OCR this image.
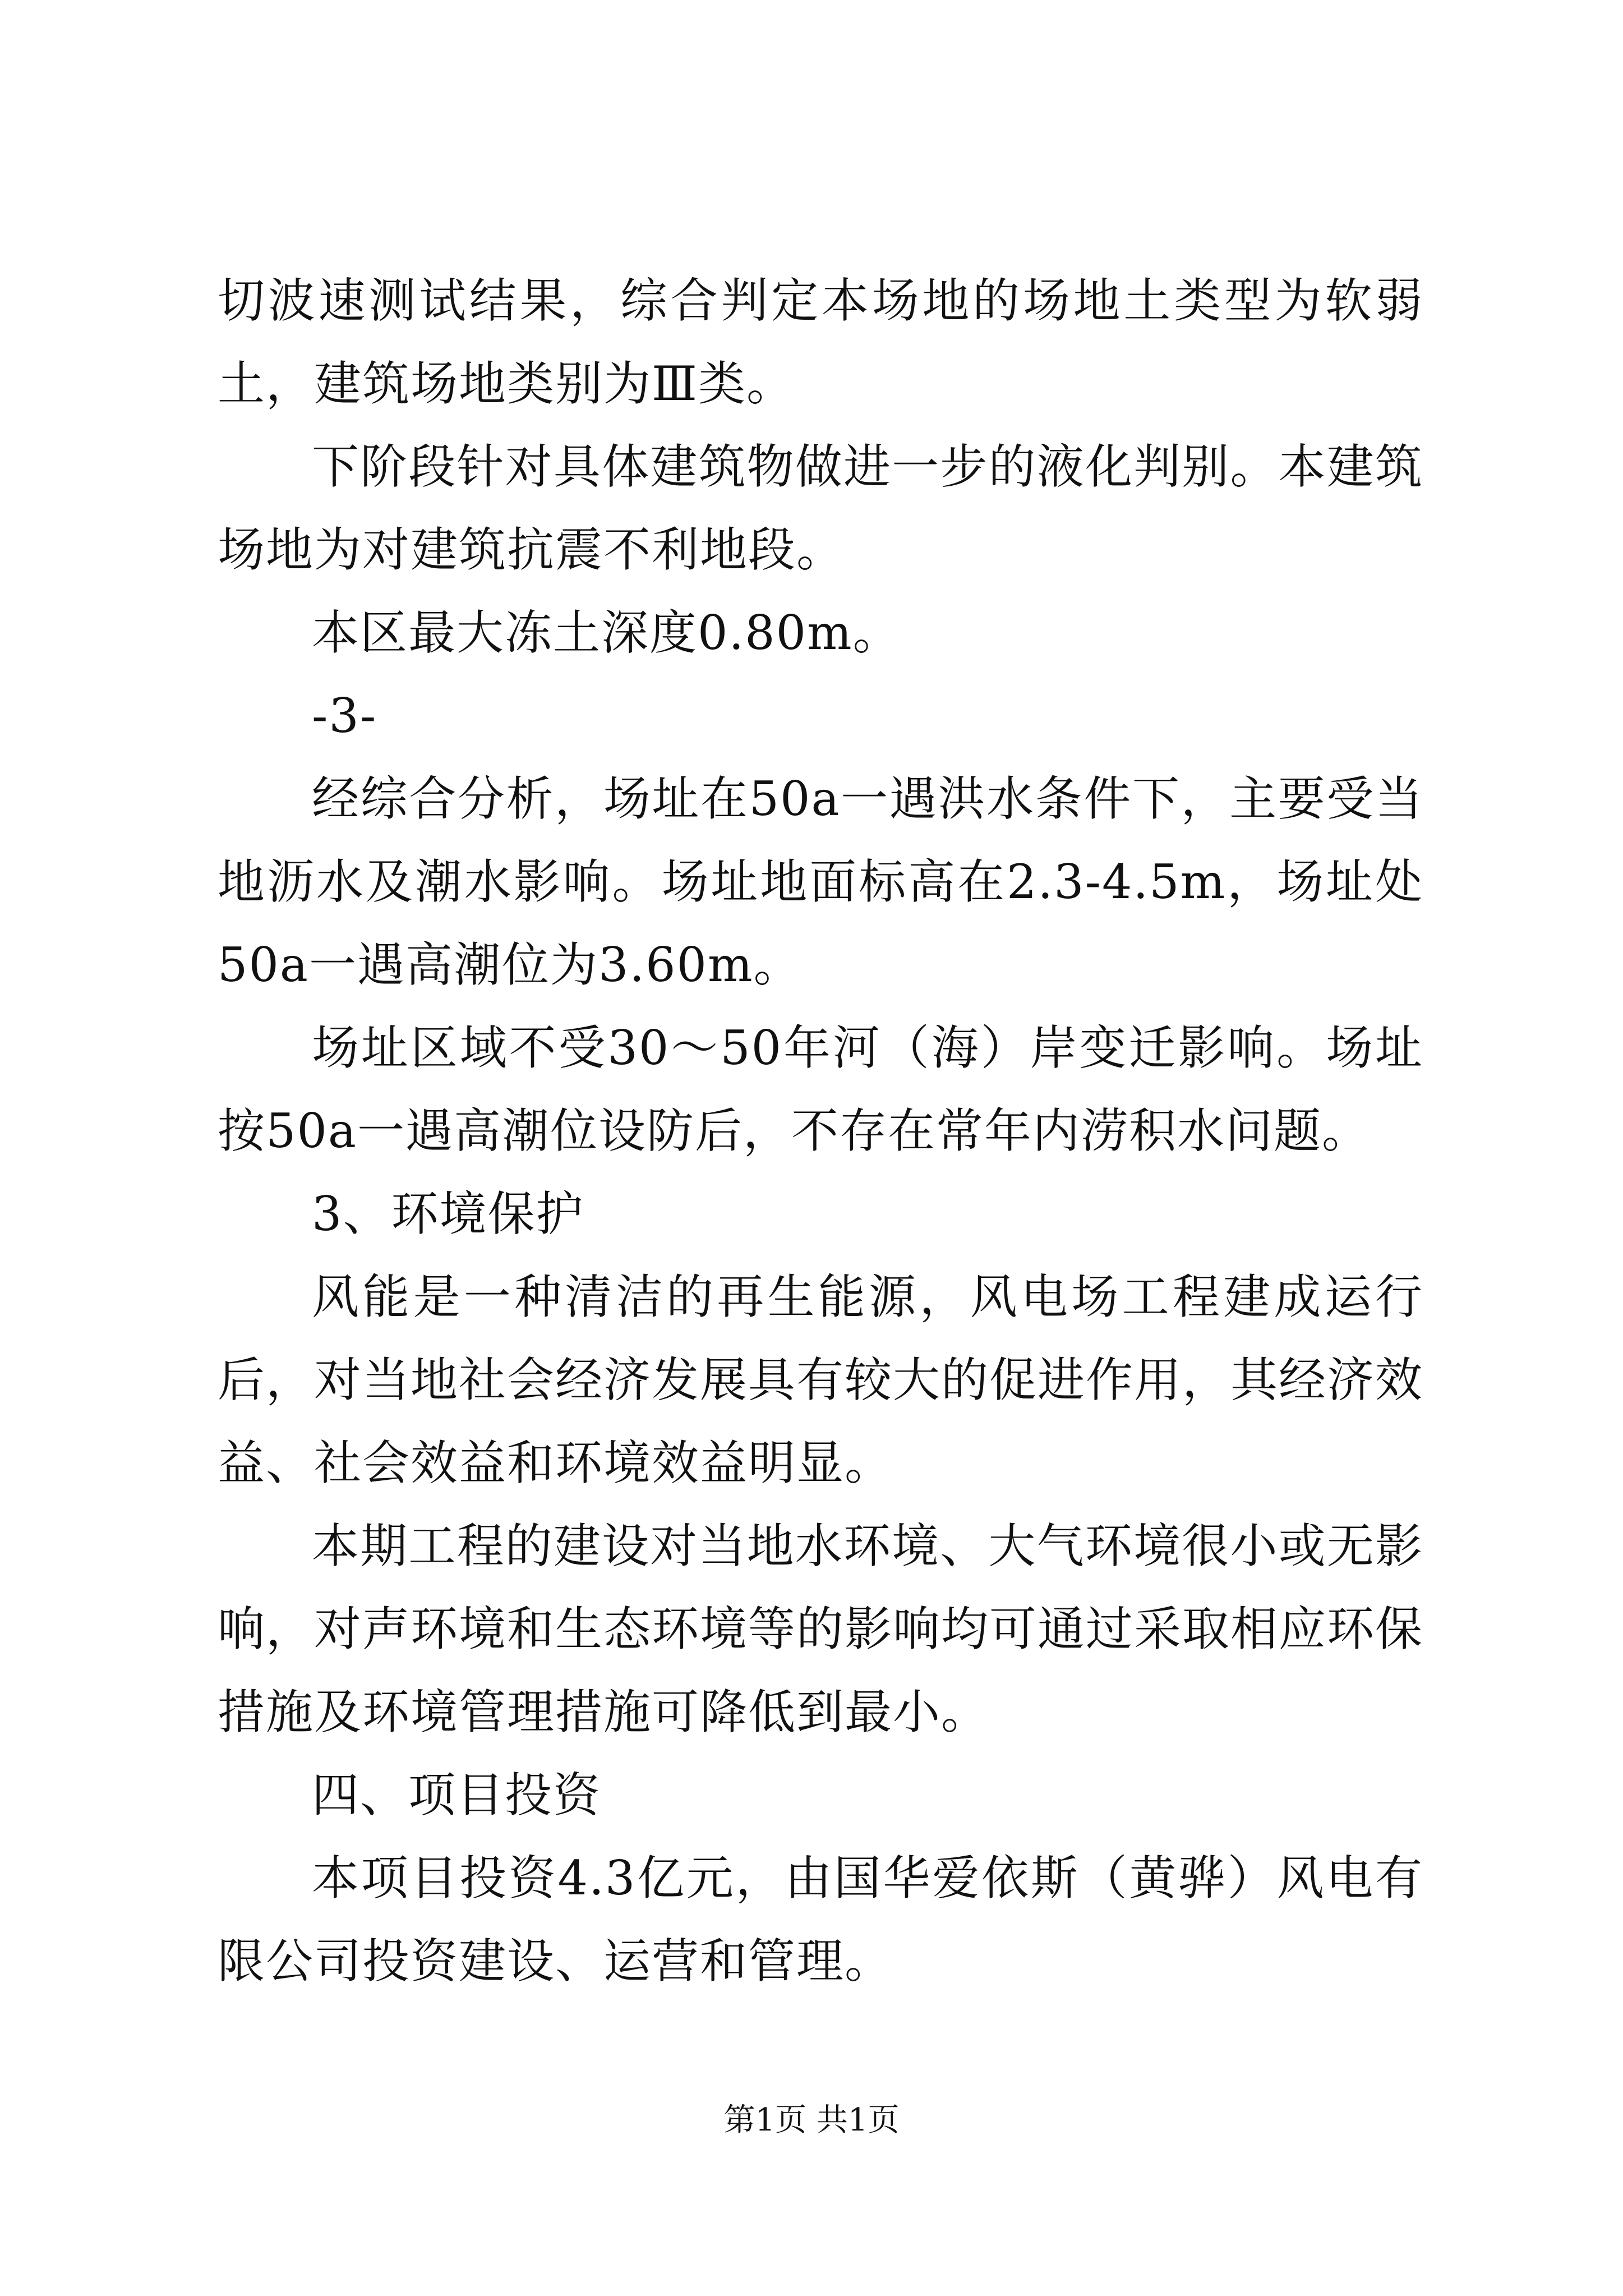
切波速测试结果，综合判定本场地的场地土类型为软弱土，建筑场地类别为Ⅲ类。

下阶段针对具体建筑物做进一步的液化判别。本建筑场地为对建筑抗震不利地段。

本区最大冻土深度0.80m。

-3-

经综合分析，场址在50a一遇洪水条件下，主要受当地沥水及潮水影响。场址地面标高在2.3-4.5m，场址处50a一遇高潮位为3.60m。

场址区域不受30～50年河（海）岸变迁影响。场址按50a一遇高潮位设防后，不存在常年内涝积水问题。

3、环境保护

风能是一种清洁的再生能源，风电场工程建成运行后，对当地社会经济发展具有较大的促进作用，其经济效益、社会效益和环境效益明显。

本期工程的建设对当地水环境、大气环境很小或无影响，对声环境和生态环境等的影响均可通过采取相应环保措施及环境管理措施可降低到最小。

四、项目投资

本项目投资4.3亿元，由国华爱依斯（黄骅）风电有限公司投资建设、运营和管理。

第1页 共1页
